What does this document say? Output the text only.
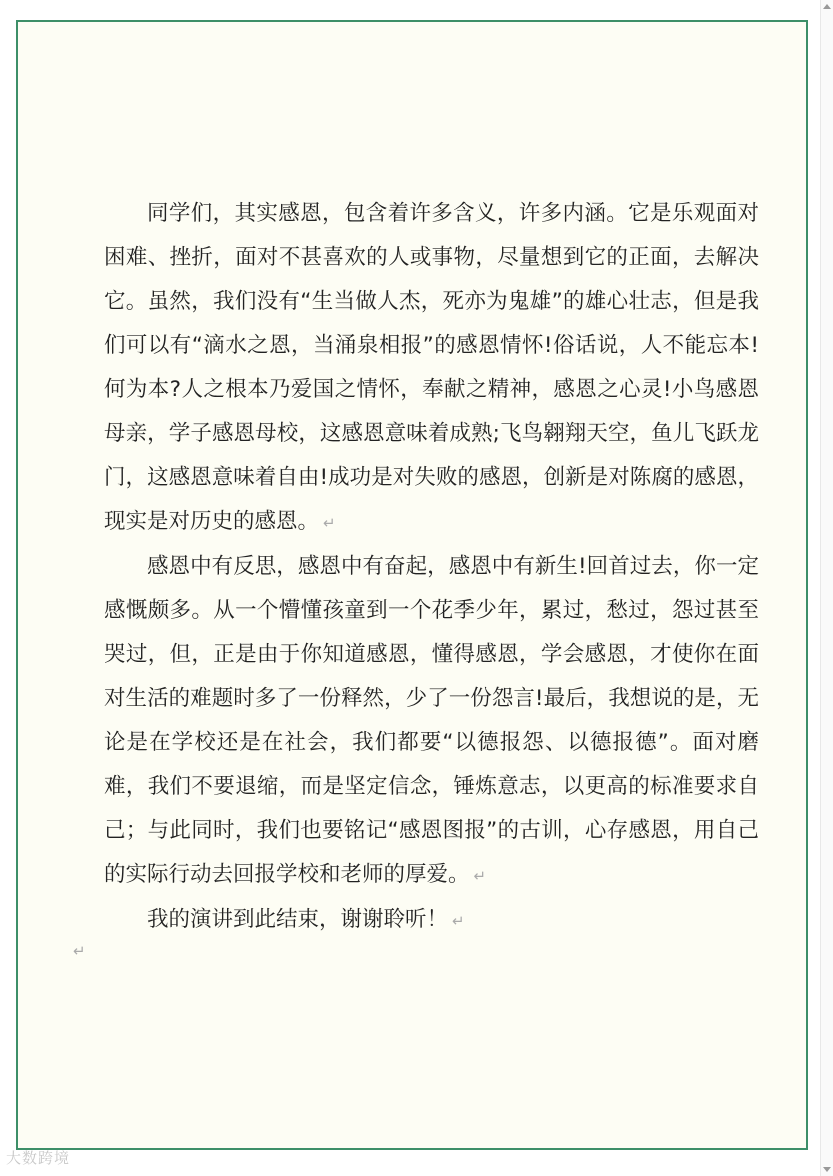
同学们，其实感恩，包含着许多含义，许多内涵。它是乐观面对困难、挫折，面对不甚喜欢的人或事物，尽量想到它的正面，去解决它。虽然，我们没有“生当做人杰，死亦为鬼雄”的雄心壮志，但是我们可以有“滴水之恩，当涌泉相报”的感恩情怀!俗话说，人不能忘本!何为本?人之根本乃爱国之情怀，奉献之精神，感恩之心灵!小鸟感恩母亲，学子感恩母校，这感恩意味着成熟;飞鸟翱翔天空，鱼儿飞跃龙门，这感恩意味着自由!成功是对失败的感恩，创新是对陈腐的感恩，现实是对历史的感恩。 ↵

感恩中有反思，感恩中有奋起，感恩中有新生!回首过去，你一定感慨颇多。从一个懵懂孩童到一个花季少年，累过，愁过，怨过甚至哭过，但，正是由于你知道感恩，懂得感恩，学会感恩，才使你在面对生活的难题时多了一份释然，少了一份怨言!最后，我想说的是，无论是在学校还是在社会，我们都要“以德报怨、以德报德”。面对磨难，我们不要退缩，而是坚定信念，锤炼意志，以更高的标准要求自己；与此同时，我们也要铭记“感恩图报”的古训，心存感恩，用自己的实际行动去回报学校和老师的厚爱。 ↵

我的演讲到此结束，谢谢聆听！ ↵

↵
大数跨境
